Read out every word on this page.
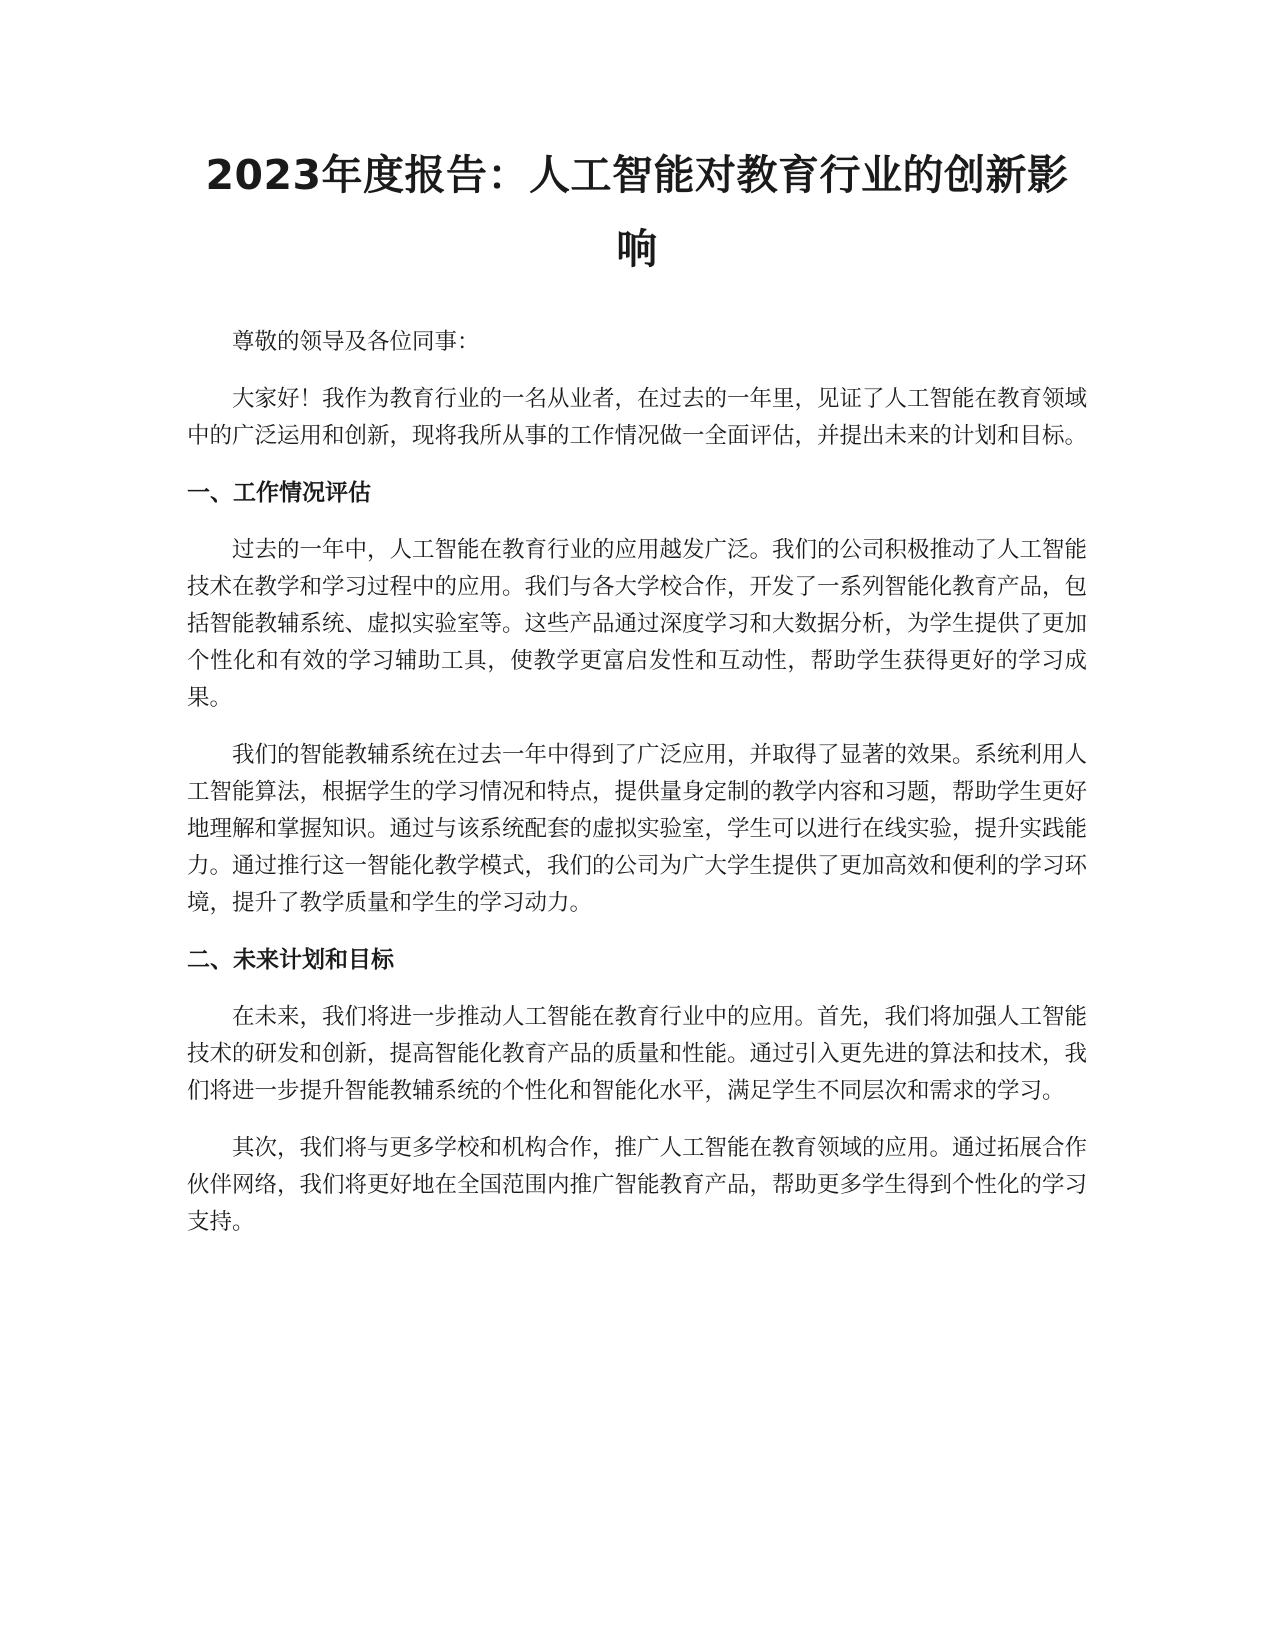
2023年度报告：人工智能对教育行业的创新影响

尊敬的领导及各位同事：

大家好！我作为教育行业的一名从业者，在过去的一年里，见证了人工智能在教育领域中的广泛运用和创新，现将我所从事的工作情况做一全面评估，并提出未来的计划和目标。

一、工作情况评估

过去的一年中，人工智能在教育行业的应用越发广泛。我们的公司积极推动了人工智能技术在教学和学习过程中的应用。我们与各大学校合作，开发了一系列智能化教育产品，包括智能教辅系统、虚拟实验室等。这些产品通过深度学习和大数据分析，为学生提供了更加个性化和有效的学习辅助工具，使教学更富启发性和互动性，帮助学生获得更好的学习成果。

我们的智能教辅系统在过去一年中得到了广泛应用，并取得了显著的效果。系统利用人工智能算法，根据学生的学习情况和特点，提供量身定制的教学内容和习题，帮助学生更好地理解和掌握知识。通过与该系统配套的虚拟实验室，学生可以进行在线实验，提升实践能力。通过推行这一智能化教学模式，我们的公司为广大学生提供了更加高效和便利的学习环境，提升了教学质量和学生的学习动力。

二、未来计划和目标

在未来，我们将进一步推动人工智能在教育行业中的应用。首先，我们将加强人工智能技术的研发和创新，提高智能化教育产品的质量和性能。通过引入更先进的算法和技术，我们将进一步提升智能教辅系统的个性化和智能化水平，满足学生不同层次和需求的学习。

其次，我们将与更多学校和机构合作，推广人工智能在教育领域的应用。通过拓展合作伙伴网络，我们将更好地在全国范围内推广智能教育产品，帮助更多学生得到个性化的学习支持。
